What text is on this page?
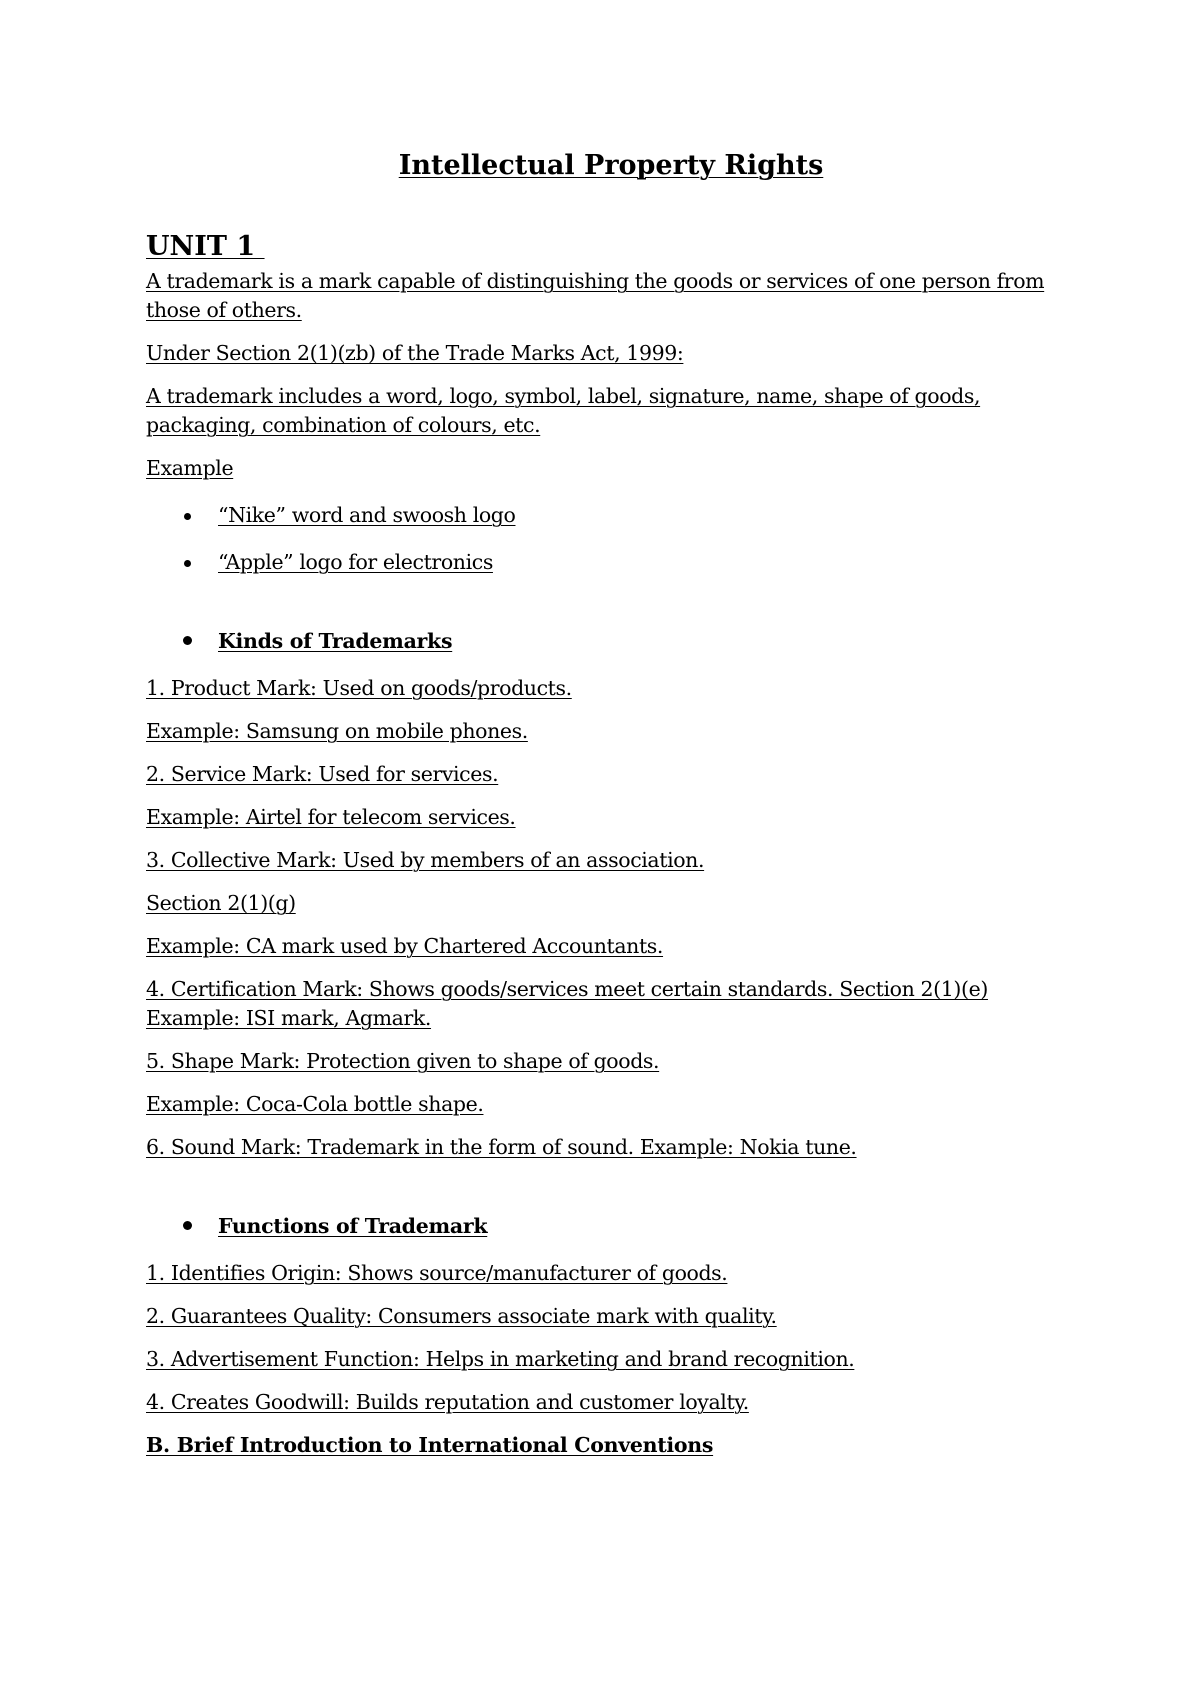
Intellectual Property Rights
UNIT 1

A trademark is a mark capable of distinguishing the goods or services of one person from those of others.

Under Section 2(1)(zb) of the Trade Marks Act, 1999:

A trademark includes a word, logo, symbol, label, signature, name, shape of goods, packaging, combination of colours, etc.

Example

“Nike” word and swoosh logo
“Apple” logo for electronics
Kinds of Trademarks

1. Product Mark: Used on goods/products.

Example: Samsung on mobile phones.

2. Service Mark: Used for services.

Example: Airtel for telecom services.

3. Collective Mark: Used by members of an association.

Section 2(1)(g)

Example: CA mark used by Chartered Accountants.

4. Certification Mark: Shows goods/services meet certain standards. Section 2(1)(e) Example: ISI mark, Agmark.

5. Shape Mark: Protection given to shape of goods.

Example: Coca-Cola bottle shape.

6. Sound Mark: Trademark in the form of sound. Example: Nokia tune.

Functions of Trademark

1. Identifies Origin: Shows source/manufacturer of goods.

2. Guarantees Quality: Consumers associate mark with quality.

3. Advertisement Function: Helps in marketing and brand recognition.

4. Creates Goodwill: Builds reputation and customer loyalty.

B. Brief Introduction to International Conventions
